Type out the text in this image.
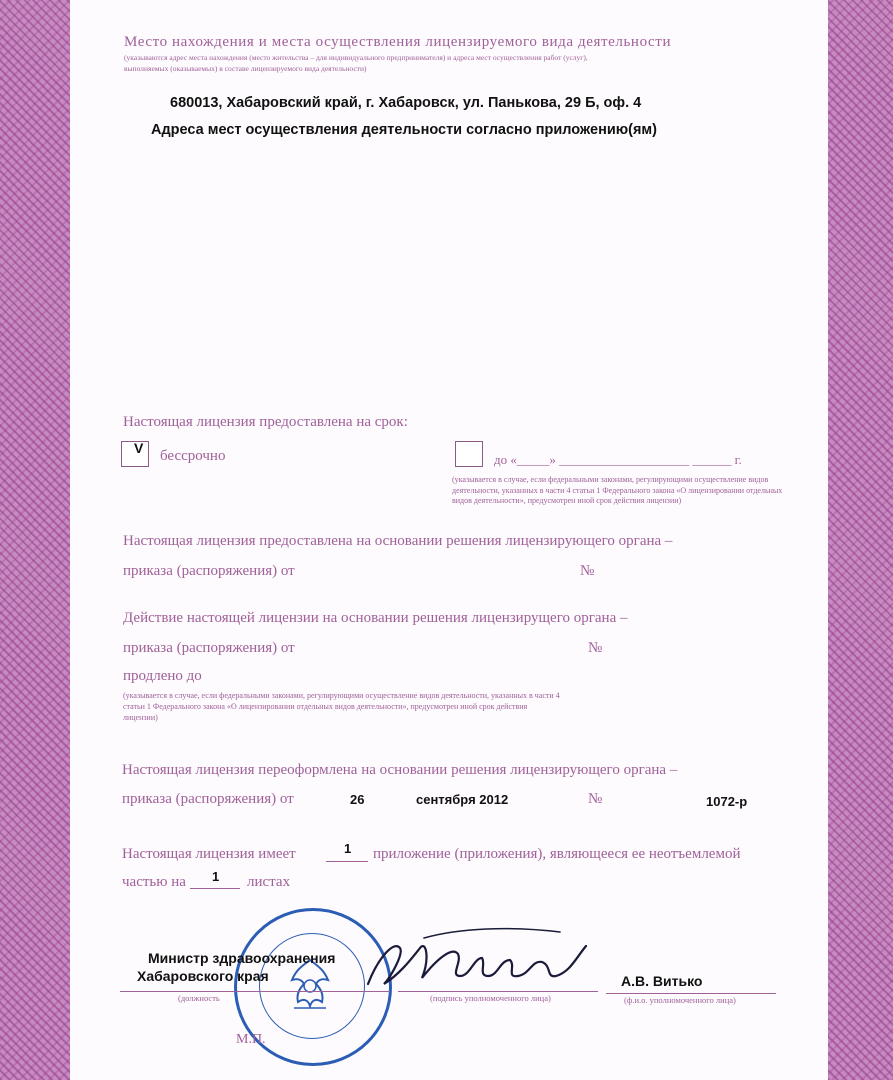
Место нахождения и места осуществления лицензируемого вида деятельности
(указываются адрес места нахождения (место жительства – для индивидуального предпринимателя) и адреса мест осуществления работ (услуг),
выполняемых (оказываемых) в составе лицензируемого вида деятельности)
680013, Хабаровский край, г. Хабаровск, ул. Панькова, 29 Б, оф. 4
Адреса мест осуществления деятельности согласно приложению(ям)
Настоящая лицензия предоставлена на срок:
V бессрочно	до «_____» ____________________ ______ г.
(указывается в случае, если федеральными законами, регулирующими осуществление видов деятельности, указанных в части 4 статьи 1 Федерального закона «О лицензировании отдельных видов деятельности», предусмотрен иной срок действия лицензии)
Настоящая лицензия предоставлена на основании решения лицензирующего органа –
приказа (распоряжения) от	№
Действие настоящей лицензии на основании решения лицензирущего органа –
приказа (распоряжения) от	№
продлено до
(указывается в случае, если федеральными законами, регулирующими осуществление видов деятельности, указанных в части 4 статьи 1 Федерального закона «О лицензировании отдельных видов деятельности», предусмотрен иной срок действия лицензии)
Настоящая лицензия переоформлена на основании решения лицензирующего органа –
приказа (распоряжения) от	26	сентября 2012	№	1072-р
Настоящая лицензия имеет	1 приложение (приложения), являющееся ее неотъемлемой
частью на 1 листах
Министр здравоохранения
Хабаровского края
(должность	(подпись уполномоченного лица)
А.В. Витько
(ф.и.о. уполномоченного лица)
М.П.
